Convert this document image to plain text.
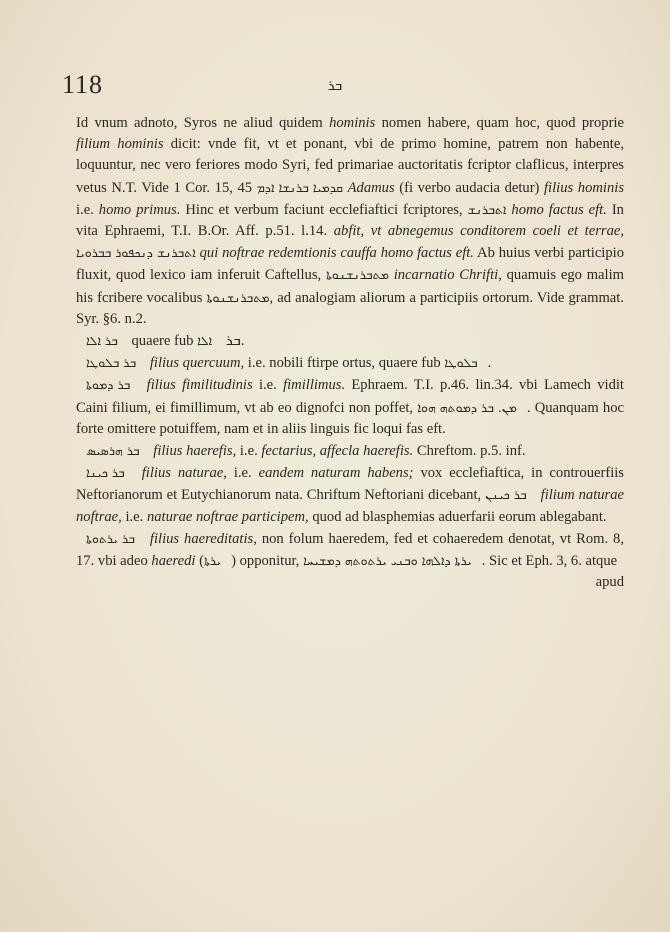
118	ܒܪ

Id vnum adnoto, Syros ne aliud quidem hominis nomen habere, quam hoc, quod proprie filium hominis dicit: vnde fit, vt et ponant, vbi de primo homine, patrem non habente, loquuntur, nec vero feriores modo Syri, fed primariae auctoritatis fcriptor claflicus, interpres vetus N.T. Vide 1 Cor. 15, 45 ܩܕܡܝܐ ܒܪܢܫܐ ܐܕܡ Adamus (fi verbo audacia detur) filius hominis i.e. homo primus. Hinc et verbum faciunt ecclefiaftici fcriptores, ܐܬܒܪܢܫ homo factus eft. In vita Ephraemi, T.I. B.Or. Aff. p.51. l.14. abfit, vt abnegemus conditorem coeli et terrae, ܕܢܟܦܘܪ ܒܒܪܘܝܐ ܐܬܒܪܢܫ qui noftrae redemtionis cauffa homo factus eft. Ab huius verbi participio fluxit, quod lexico iam inferuit Caftellus, ܡܬܒܪܢܫܢܘܬܐ incarnatio Chrifti, quamuis ego malim his fcribere vocalibus ܡܬܒܪܢܫܢܘܬܐ, ad analogiam aliorum a participiis ortorum. Vide grammat. Syr. §6. n.2.

ܒܪ ܐܠܐ quaere fub ܐܠܐ ܒܪ.

ܒܪ ܒܠܘܛܐ filius quercuum, i.e. nobili ftirpe ortus, quaere fub ܒܠܘܛܐ .

ܒܪ ܕܡܘܬܐ filius fimilitudinis i.e. fimillimus. Ephraem. T.I. p.46. lin.34. vbi Lamech vidit Caini filium, ei fimillimum, vt ab eo dignofci non poffet, ܡܢ. ܒܪ ܕܡܘܬܗ ܗܘܐ . Quanquam hoc forte omittere potuiffem, nam et in aliis linguis fic loqui fas eft.

ܒܪ ܗܪܣܝܣ filius haerefis, i.e. fectarius, affecla haerefis. Chreftom. p.5. inf.

ܒܪ ܟܝܢܐ filius naturae, i.e. eandem naturam habens; vox ecclefiaftica, in controuerfiis Neftorianorum et Eutychianorum nata. Chriftum Neftoriani dicebant, ܒܪ ܟܝܢܢ filium naturae noftrae, i.e. naturae noftrae participem, quod ad blasphemias aduerfarii eorum ablegabant.

ܒܪ ܝܪܬܘܬܐ filius haereditatis, non folum haeredem, fed et cohaeredem denotat, vt Rom. 8, 17. vbi adeo haeredi (ܝܪܬܐ ) opponitur, ܝܪܬܐ ܕܐܠܗܐ ܘܒܢܝ ܝܪܬܘܬܗ ܕܡܫܝܚܐ . Sic et Eph. 3, 6. atque

apud
